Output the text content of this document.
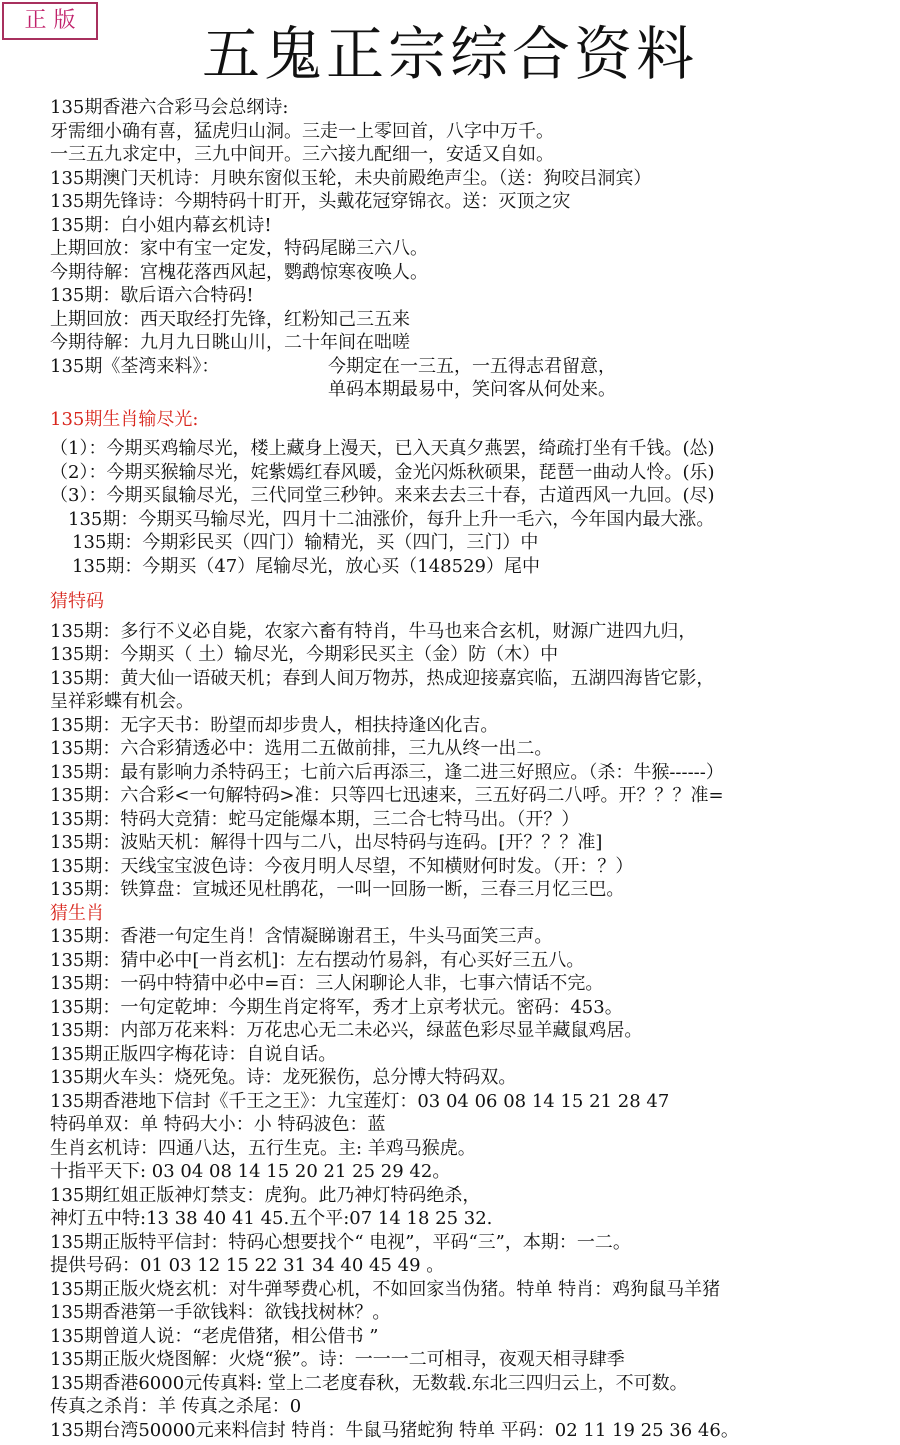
正 版	五鬼正宗综合资料
135期香港六合彩马会总纲诗:
牙需细小确有喜，猛虎归山洞。三走一上零回首，八字中万千。
一三五九求定中，三九中间开。三六接九配细一，安适又自如。
135期澳门天机诗：月映东窗似玉轮，未央前殿绝声尘。（送：狗咬吕洞宾）
135期先锋诗：今期特码十盯开，头戴花冠穿锦衣。送：灭顶之灾
135期：白小姐内幕玄机诗!
上期回放：家中有宝一定发，特码尾睇三六八。
今期待解：宫槐花落西风起，鹦鹉惊寒夜唤人。
135期：歇后语六合特码!
上期回放：西天取经打先锋，红粉知己三五来
今期待解：九月九日眺山川，二十年间在咄嗟
135期《荃湾来料》：	今期定在一三五，一五得志君留意，
单码本期最易中，笑问客从何处来。
135期生肖输尽光:
（1）：今期买鸡输尽光，楼上藏身上漫天，已入天真夕燕罢，绮疏打坐有千钱。(怂)
（2）：今期买猴输尽光，姹紫嫣红春风暖，金光闪烁秋硕果，琵琶一曲动人怜。(乐)
（3）：今期买鼠输尽光，三代同堂三秒钟。来来去去三十春，古道西风一九回。(尽)
135期：今期买马输尽光，四月十二油涨价，每升上升一毛六，今年国内最大涨。
135期：今期彩民买（四门）输精光，买（四门，三门）中
135期：今期买（47）尾输尽光，放心买（148529）尾中
猜特码
135期：多行不义必自毙，农家六畜有特肖，牛马也来合玄机，财源广进四九归，
135期：今期买（ 土）输尽光，今期彩民买主（金）防（木）中
135期：黄大仙一语破天机；春到人间万物苏，热成迎接嘉宾临，五湖四海皆它影，
呈祥彩蝶有机会。
135期：无字天书：盼望而却步贵人，相扶持逢凶化吉。
135期：六合彩猜透必中：选用二五做前排，三九从终一出二。
135期：最有影响力杀特码王；七前六后再添三，逢二进三好照应。（杀：牛猴------）
135期：六合彩<一句解特码>准：只等四七迅速来，三五好码二八呼。开？？？准=
135期：特码大竞猜：蛇马定能爆本期，三二合七特马出。（开？）
135期：波贴天机：解得十四与二八，出尽特码与连码。[开？？？准]
135期：天线宝宝波色诗：今夜月明人尽望，不知横财何时发。（开：？）
135期：铁算盘：宣城还见杜鹃花，一叫一回肠一断，三春三月忆三巴。
猜生肖
135期：香港一句定生肖！含情凝睇谢君王，牛头马面笑三声。
135期：猜中必中[一肖玄机]：左右摆动竹易斜，有心买好三五八。
135期：一码中特猜中必中=百：三人闲聊论人非，七事六情话不完。
135期：一句定乾坤：今期生肖定将军，秀才上京考状元。密码：453。
135期：内部万花来料：万花忠心无二未必兴，绿蓝色彩尽显羊藏鼠鸡居。
135期正版四字梅花诗：自说自话。
135期火车头：烧死兔。诗：龙死猴伤，总分博大特码双。
135期香港地下信封《千王之王》：九宝莲灯：03 04 06 08 14 15 21 28 47
特码单双：单 特码大小：小 特码波色：蓝
生肖玄机诗：四通八达，五行生克。主: 羊鸡马猴虎。
十指平天下: 03 04 08 14 15 20 21 25 29 42。
135期红姐正版神灯禁支：虎狗。此乃神灯特码绝杀，
神灯五中特:13 38 40 41 45.五个平:07 14 18 25 32.
135期正版特平信封：特码心想要找个“ 电视”，平码“三”，本期：一二。
提供号码：01 03 12 15 22 31 34 40 45 49 。
135期正版火烧玄机：对牛弹琴费心机，不如回家当伪猪。特单 特肖：鸡狗鼠马羊猪
135期香港第一手欲钱料：欲钱找树林？。
135期曾道人说：“老虎借猪，相公借书 ”
135期正版火烧图解：火烧“猴”。诗：一一一二可相寻，夜观天相寻肆季
135期香港6000元传真料: 堂上二老度春秋，无数载.东北三四归云上，不可数。
传真之杀肖：羊 传真之杀尾：0
135期台湾50000元来料信封 特肖：牛鼠马猪蛇狗 特单 平码：02 11 19 25 36 46。
